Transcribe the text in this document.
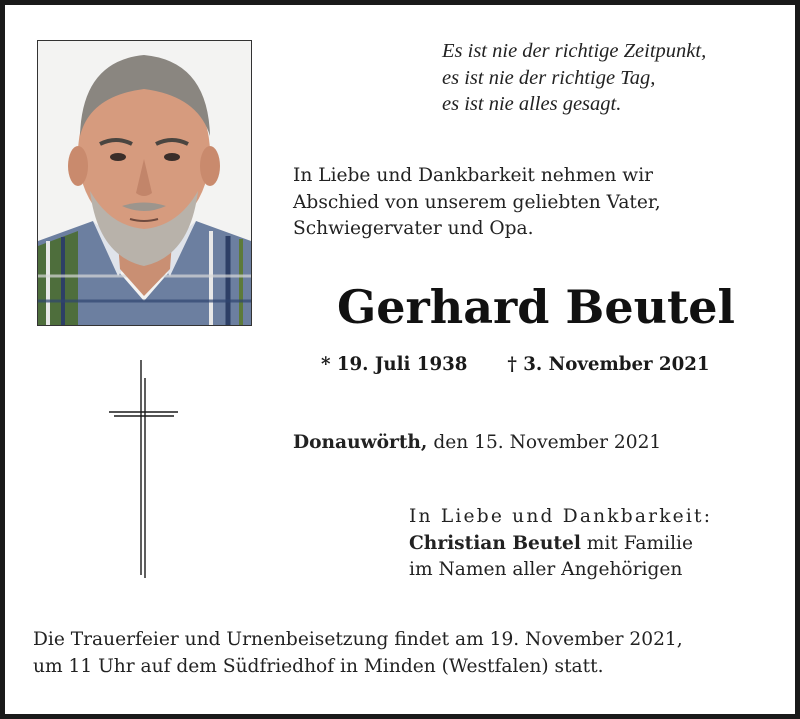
Es ist nie der richtige Zeitpunkt,
es ist nie der richtige Tag,
es ist nie alles gesagt.
In Liebe und Dankbarkeit nehmen wir
Abschied von unserem geliebten Vater,
Schwiegervater und Opa.
Gerhard Beutel
* 19. Juli 1938 † 3. November 2021
Donauwörth, den 15. November 2021
In Liebe und Dankbarkeit:
Christian Beutel mit Familie
im Namen aller Angehörigen
Die Trauerfeier und Urnenbeisetzung findet am 19. November 2021,
um 11 Uhr auf dem Südfriedhof in Minden (Westfalen) statt.
